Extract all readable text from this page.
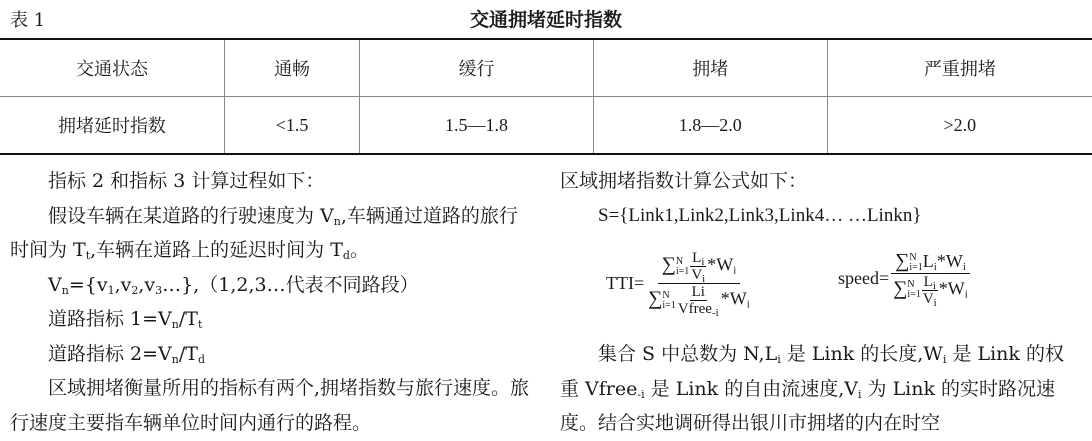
表 1	交通拥堵延时指数
交通状态	通畅	缓行	拥堵	严重拥堵
拥堵延时指数	<1.5	1.5—1.8	1.8—2.0	>2.0

指标 2 和指标 3 计算过程如下：

假设车辆在某道路的行驶速度为 $V_n$,车辆通过道路的旅行时间为 $T_t$,车辆在道路上的延迟时间为 $T_d$。

$V_n=\{v_1,v_2,v_3\dots\},(1,2,3\dots$代表不同路段）

道路指标 $1=V_n/T_t$

道路指标 $2=V_n/T_d$

区域拥堵衡量所用的指标有两个,拥堵指数与旅行速度。旅行速度主要指车辆单位时间内通行的路程。

区域拥堵指数计算公式如下：

S={Link1,Link2,Link3,Link4… …Linkn}

TTI= ∑ N
$i=1 \frac{L_i}{V_i} *W_i$
∑ N
$i=1 \frac{Li}{Vfree_{-i}} *W_i$	speed= ∑ N
i=1 $L_i*W_i$
∑ N
$i=1 \frac{L_i}{V_i} *W_i$

集合 S 中总数为 $N,L_i$ 是 Link 的长度$,W_i$ 是 Link 的权重 Vfree$_{-i}$ 是 Link 的自由流速度$,V_i$ 为 Link 的实时路况速度。结合实地调研得出银川市拥堵的内在时空
